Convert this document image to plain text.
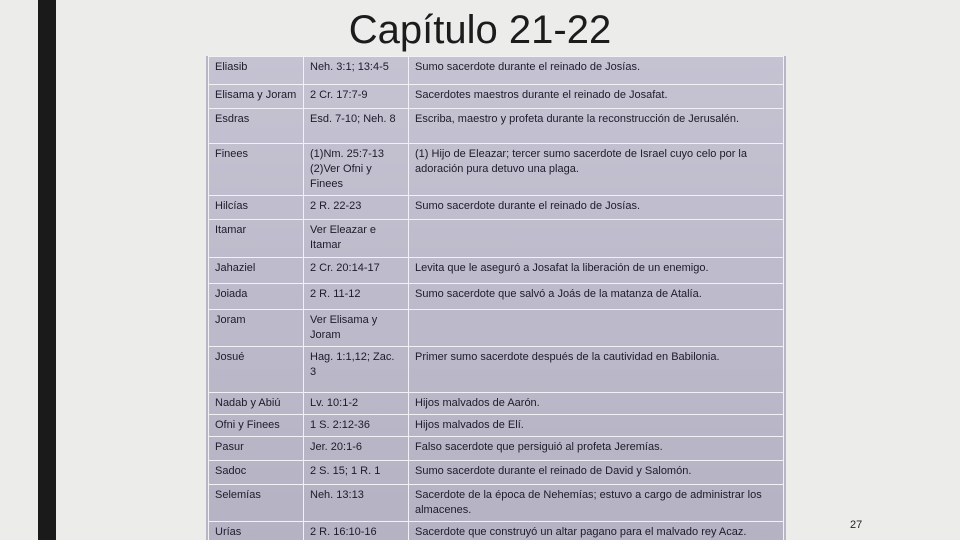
Capítulo 21-22
Eliasib	Neh. 3:1; 13:4-5	Sumo sacerdote durante el reinado de Josías.
Elisama y Joram	2 Cr. 17:7-9	Sacerdotes maestros durante el reinado de Josafat.
Esdras	Esd. 7-10; Neh. 8	Escriba, maestro y profeta durante la reconstrucción de Jerusalén.
Finees	(1)Nm. 25:7-13 (2)Ver Ofni y Finees	(1) Hijo de Eleazar; tercer sumo sacerdote de Israel cuyo celo por la adoración pura detuvo una plaga.
Hilcías	2 R. 22-23	Sumo sacerdote durante el reinado de Josías.
Itamar	Ver Eleazar e Itamar	
Jahaziel	2 Cr. 20:14-17	Levita que le aseguró a Josafat la liberación de un enemigo.
Joiada	2 R. 11-12	Sumo sacerdote que salvó a Joás de la matanza de Atalía.
Joram	Ver Elisama y Joram	
Josué	Hag. 1:1,12; Zac. 3	Primer sumo sacerdote después de la cautividad en Babilonia.
Nadab y Abiú	Lv. 10:1-2	Hijos malvados de Aarón.
Ofni y Finees	1 S. 2:12-36	Hijos malvados de Elí.
Pasur	Jer. 20:1-6	Falso sacerdote que persiguió al profeta Jeremías.
Sadoc	2 S. 15; 1 R. 1	Sumo sacerdote durante el reinado de David y Salomón.
Selemías	Neh. 13:13	Sacerdote de la época de Nehemías; estuvo a cargo de administrar los almacenes.
Urías	2 R. 16:10-16	Sacerdote que construyó un altar pagano para el malvado rey Acaz.
27
